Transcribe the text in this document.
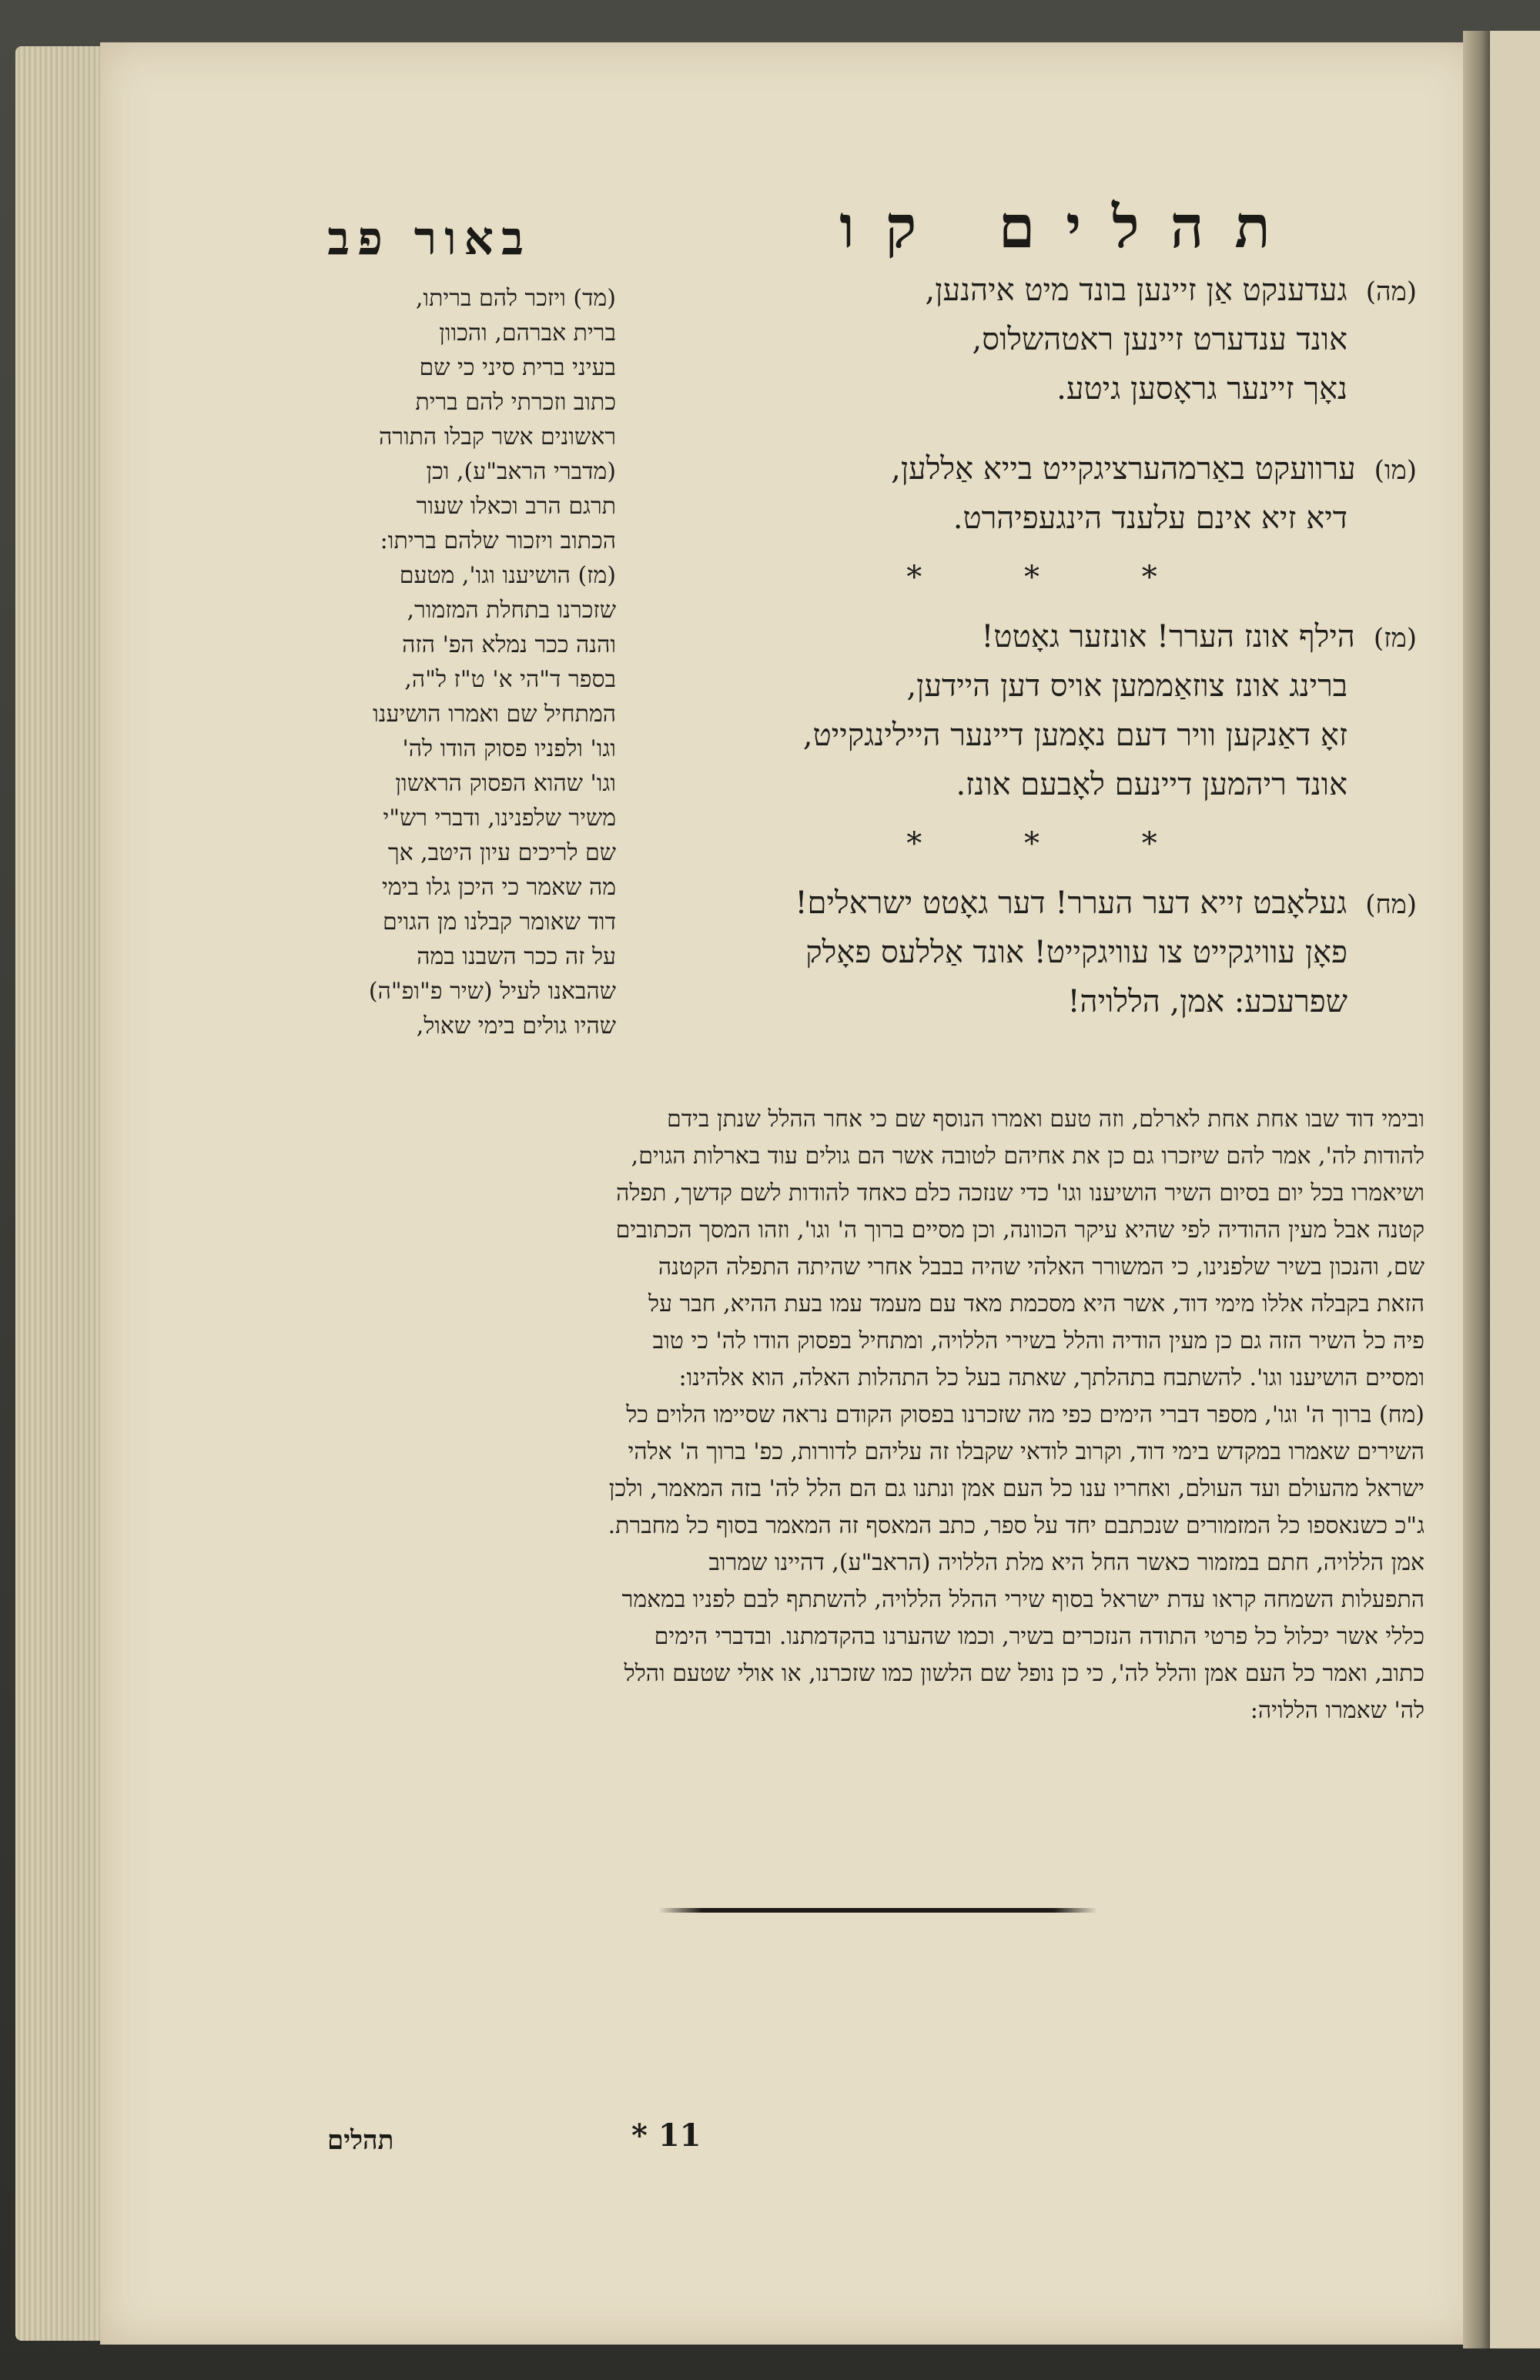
תהלים קו
באור פב
(מה)געדענקט אַן זיינען בונד מיט איהנען,
אונד ענדערט זיינען ראטהשלוס,
נאָך זיינער גראָסען גיטע.
(מו)ערוועקט באַרמהערציגקייט בייא אַללען,
דיא זיא אינם עלענד הינגעפיהרט.
* * *
(מז)הילף אונז הערר! אונזער גאָטט!
ברינג אונז צוזאַממען אויס דען היידען,
זאָ דאַנקען וויר דעם נאָמען דיינער היילינגקייט,
אונד ריהמען דיינעם לאָבעם אונז.
* * *
(מח)געלאָבט זייא דער הערר! דער גאָטט ישראלים!
פאָן עוויגקייט צו עוויגקייט! אונד אַללעס פאָלק
שפרעכע: אמן, הללויה!
(מד) ויזכר להם בריתו,
ברית אברהם, והכוון
בעיני ברית סיני כי שם
כתוב וזכרתי להם ברית
ראשונים אשר קבלו התורה
(מדברי הראב"ע), וכן
תרגם הרב וכאלו שעור
הכתוב ויזכור שלהם בריתו:
(מז) הושיענו וגו', מטעם
שזכרנו בתחלת המזמור,
והנה ככר נמלא הפ' הזה
בספר ד"הי א' ט"ז ל"ה,
המתחיל שם ואמרו הושיענו
וגו' ולפניו פסוק הודו לה'
וגו' שהוא הפסוק הראשון
משיר שלפנינו, ודברי רש"י
שם לריכים עיון היטב, אך
מה שאמר כי היכן גלו בימי
דוד שאומר קבלנו מן הגוים
על זה ככר השבנו במה
שהבאנו לעיל (שיר פ"ופ"ה)
שהיו גולים בימי שאול,
ובימי דוד שבו אחת אחת לארלם, וזה טעם ואמרו הנוסף שם כי אחר ההלל שנתן בידם
להודות לה', אמר להם שיזכרו גם כן את אחיהם לטובה אשר הם גולים עוד בארלות הגוים,
ושיאמרו בכל יום בסיום השיר הושיענו וגו' כדי שנזכה כלם כאחד להודות לשם קדשך, תפלה
קטנה אבל מעין ההודיה לפי שהיא עיקר הכוונה, וכן מסיים ברוך ה' וגו', וזהו המסך הכתובים
שם, והנכון בשיר שלפנינו, כי המשורר האלהי שהיה בבבל אחרי שהיתה התפלה הקטנה
הזאת בקבלה אללו מימי דוד, אשר היא מסכמת מאד עם מעמד עמו בעת ההיא, חבר על
פיה כל השיר הזה גם כן מעין הודיה והלל בשירי הללויה, ומתחיל בפסוק הודו לה' כי טוב
ומסיים הושיענו וגו'. להשתבח בתהלתך, שאתה בעל כל התהלות האלה, הוא אלהינו:
(מח) ברוך ה' וגו', מספר דברי הימים כפי מה שזכרנו בפסוק הקודם נראה שסיימו הלוים כל
השירים שאמרו במקדש בימי דוד, וקרוב לודאי שקבלו זה עליהם לדורות, כפ' ברוך ה' אלהי
ישראל מהעולם ועד העולם, ואחריו ענו כל העם אמן ונתנו גם הם הלל לה' בזה המאמר, ולכן
ג"כ כשנאספו כל המזמורים שנכתבם יחד על ספר, כתב המאסף זה המאמר בסוף כל מחברת.
אמן הללויה, חתם במזמור כאשר החל היא מלת הללויה (הראב"ע), דהיינו שמרוב
התפעלות השמחה קראו עדת ישראל בסוף שירי ההלל הללויה, להשתתף לבם לפניו במאמר
כללי אשר יכלול כל פרטי התודה הנזכרים בשיר, וכמו שהערנו בהקדמתנו. ובדברי הימים
כתוב, ואמר כל העם אמן והלל לה', כי כן נופל שם הלשון כמו שזכרנו, או אולי שטעם והלל
לה' שאמרו הללויה:
תהלים	* 11
